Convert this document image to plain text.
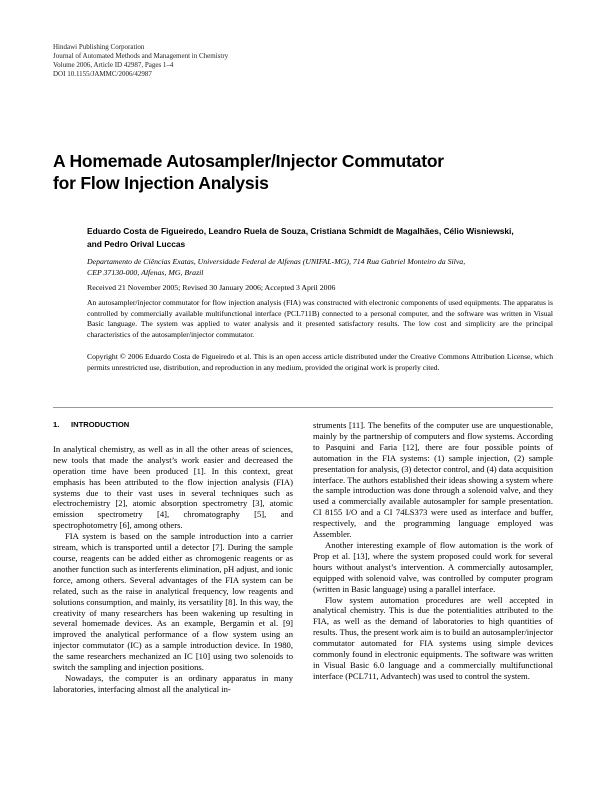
Hindawi Publishing Corporation
Journal of Automated Methods and Management in Chemistry
Volume 2006, Article ID 42987, Pages 1–4
DOI 10.1155/JAMMC/2006/42987
A Homemade Autosampler/Injector Commutator
for Flow Injection Analysis
Eduardo Costa de Figueiredo, Leandro Ruela de Souza, Cristiana Schmidt de Magalhães, Célio Wisniewski,
and Pedro Orival Luccas
Departamento de Ciências Exatas, Universidade Federal de Alfenas (UNIFAL-MG), 714 Rua Gabriel Monteiro da Silva,
CEP 37130-000, Alfenas, MG, Brazil
Received 21 November 2005; Revised 30 January 2006; Accepted 3 April 2006

An autosampler/injector commutator for flow injection analysis (FIA) was constructed with electronic components of used equipments. The apparatus is controlled by commercially available multifunctional interface (PCL711B) connected to a personal computer, and the software was written in Visual Basic language. The system was applied to water analysis and it presented satisfactory results. The low cost and simplicity are the principal characteristics of the autosampler/injector commutator.

Copyright © 2006 Eduardo Costa de Figueiredo et al. This is an open access article distributed under the Creative Commons Attribution License, which permits unrestricted use, distribution, and reproduction in any medium, provided the original work is properly cited.

1. INTRODUCTION

In analytical chemistry, as well as in all the other areas of sciences, new tools that made the analyst’s work easier and decreased the operation time have been produced [1]. In this context, great emphasis has been attributed to the flow injection analysis (FIA) systems due to their vast uses in several techniques such as electrochemistry [2], atomic absorption spectrometry [3], atomic emission spectrometry [4], chromatography [5], and spectrophotometry [6], among others.

FIA system is based on the sample introduction into a carrier stream, which is transported until a detector [7]. During the sample course, reagents can be added either as chromogenic reagents or as another function such as interferents elimination, pH adjust, and ionic force, among others. Several advantages of the FIA system can be related, such as the raise in analytical frequency, low reagents and solutions consumption, and mainly, its versatility [8]. In this way, the creativity of many researchers has been wakening up resulting in several homemade devices. As an example, Bergamin et al. [9] improved the analytical performance of a flow system using an injector commutator (IC) as a sample introduction device. In 1980, the same researchers mechanized an IC [10] using two solenoids to switch the sampling and injection positions.

Nowadays, the computer is an ordinary apparatus in many laboratories, interfacing almost all the analytical in-

struments [11]. The benefits of the computer use are unquestionable, mainly by the partnership of computers and flow systems. According to Pasquini and Faria [12], there are four possible points of automation in the FIA systems: (1) sample injection, (2) sample presentation for analysis, (3) detector control, and (4) data acquisition interface. The authors established their ideas showing a system where the sample introduction was done through a solenoid valve, and they used a commercially available autosampler for sample presentation. CI 8155 I/O and a CI 74LS373 were used as interface and buffer, respectively, and the programming language employed was Assembler.

Another interesting example of flow automation is the work of Prop et al. [13], where the system proposed could work for several hours without analyst’s intervention. A commercially autosampler, equipped with solenoid valve, was controlled by computer program (written in Basic language) using a parallel interface.

Flow system automation procedures are well accepted in analytical chemistry. This is due the potentialities attributed to the FIA, as well as the demand of laboratories to high quantities of results. Thus, the present work aim is to build an autosampler/injector commutator automated for FIA systems using simple devices commonly found in electronic equipments. The software was written in Visual Basic 6.0 language and a commercially multifunctional interface (PCL711, Advantech) was used to control the system.
